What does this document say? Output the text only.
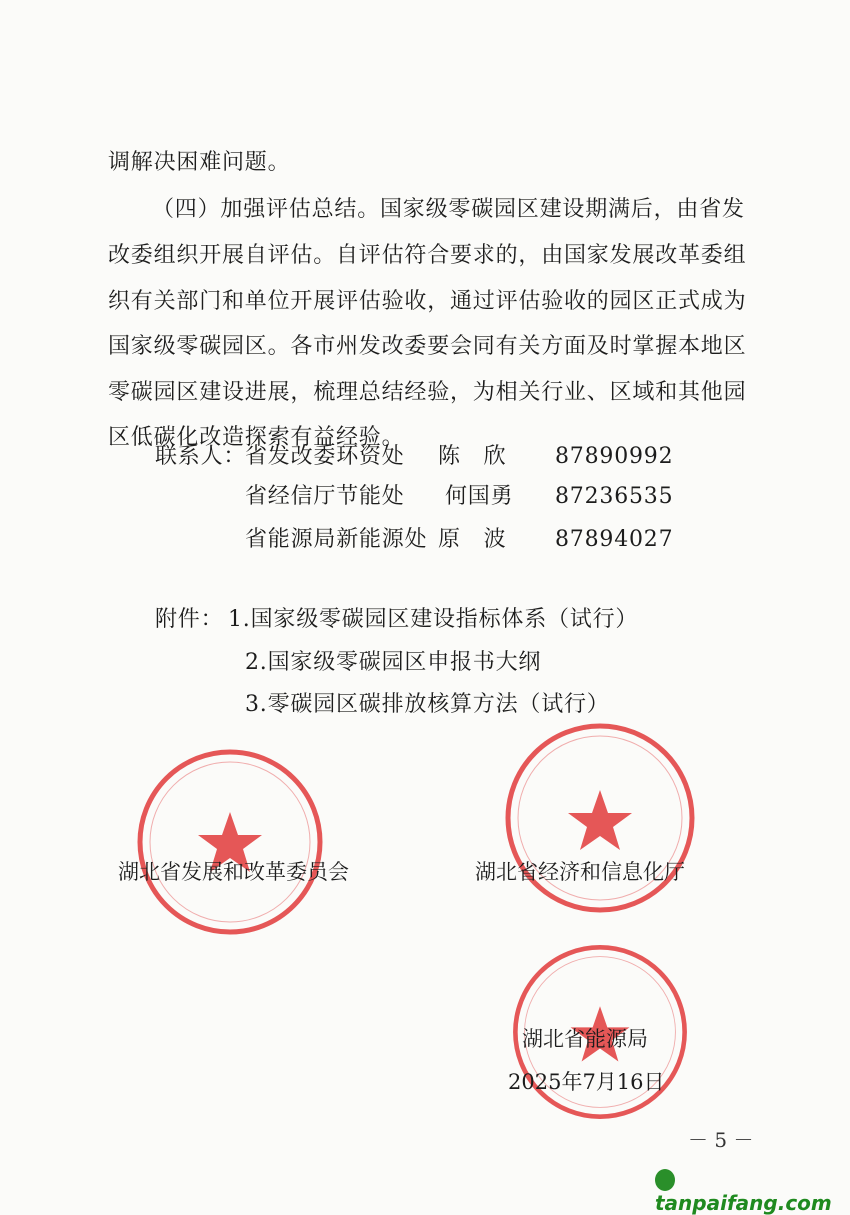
调解决困难问题。
（四）加强评估总结。国家级零碳园区建设期满后，由省发
改委组织开展自评估。自评估符合要求的，由国家发展改革委组
织有关部门和单位开展评估验收，通过评估验收的园区正式成为
国家级零碳园区。各市州发改委要会同有关方面及时掌握本地区
零碳园区建设进展，梳理总结经验，为相关行业、区域和其他园
区低碳化改造探索有益经验。
联系人：
省发改委环资处 陈　欣 87890992
省经信厅节能处 何国勇 87236535
省能源局新能源处 原　波 87894027
附件： 1.国家级零碳园区建设指标体系（试行）
2.国家级零碳园区申报书大纲
3.零碳园区碳排放核算方法（试行）
湖北省发展和改革委员会	湖北省经济和信息化厅
湖北省能源局
2025年7月16日
－ 5 －
tanpaifang.com
